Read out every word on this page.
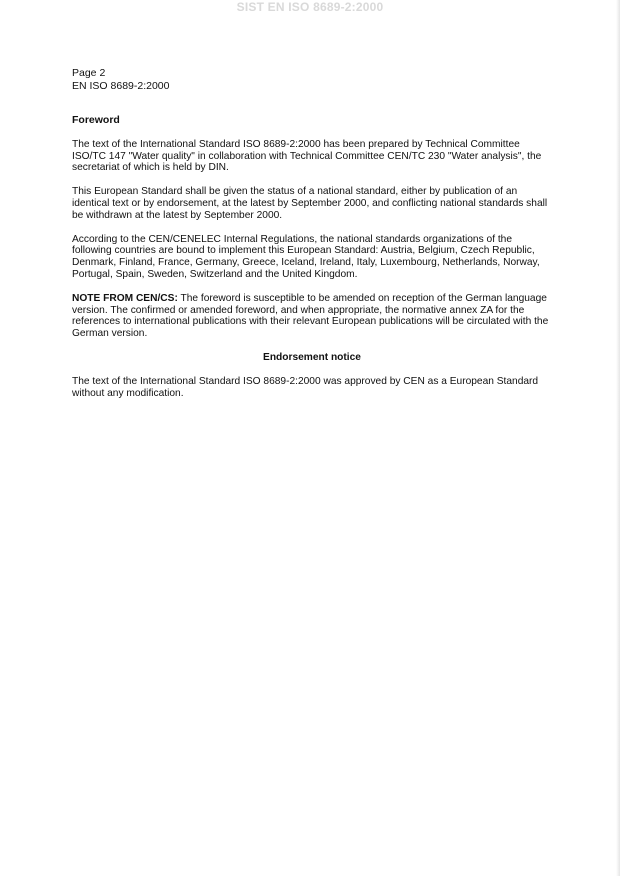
SIST EN ISO 8689-2:2000
Page 2
EN ISO 8689-2:2000
Foreword

The text of the International Standard ISO 8689-2:2000 has been prepared by Technical Committee ISO/TC 147 "Water quality" in collaboration with Technical Committee CEN/TC 230 "Water analysis", the secretariat of which is held by DIN.

This European Standard shall be given the status of a national standard, either by publication of an identical text or by endorsement, at the latest by September 2000, and conflicting national standards shall be withdrawn at the latest by September 2000.

According to the CEN/CENELEC Internal Regulations, the national standards organizations of the following countries are bound to implement this European Standard: Austria, Belgium, Czech Republic, Denmark, Finland, France, Germany, Greece, Iceland, Ireland, Italy, Luxembourg, Netherlands, Norway, Portugal, Spain, Sweden, Switzerland and the United Kingdom.

NOTE FROM CEN/CS: The foreword is susceptible to be amended on reception of the German language version. The confirmed or amended foreword, and when appropriate, the normative annex ZA for the references to international publications with their relevant European publications will be circulated with the German version.

Endorsement notice

The text of the International Standard ISO 8689-2:2000 was approved by CEN as a European Standard without any modification.
